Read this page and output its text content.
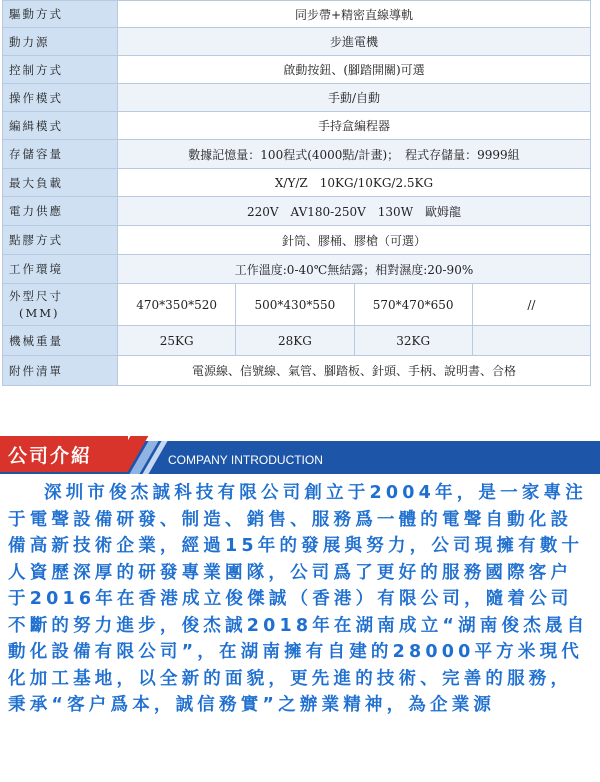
驅動方式	同步帶+精密直線導軌			
動力源	步進電機			
控制方式	啟動按鈕、(腳踏開關)可選			
操作模式	手動/自動			
編緝模式	手持盒編程器			
存儲容量	數據記憶量：100程式(4000點/計畫)；　程式存儲量：9999組			
最大負載	X/Y/Z　10KG/10KG/2.5KG			
電力供應	220V　AV180-250V　130W　歐姆龍			
點膠方式	針筒、膠桶、膠槍（可選）			
工作環境	工作溫度:0-40℃無結露；相對濕度:20-90%			
外型尺寸
(MM)	470*350*520	500*430*550	570*470*650	//
機械重量	25KG	28KG	32KG	
附件清單	電源線、信號線、氣管、腳踏板、針頭、手柄、說明書、合格			
公司介紹	COMPANY INTRODUCTION
深圳市俊杰誠科技有限公司創立于2004年，是一家專注于電聲設備研發、制造、銷售、服務爲一體的電聲自動化設備高新技術企業，經過15年的發展與努力，公司現擁有數十人資歷深厚的研發專業團隊，公司爲了更好的服務國際客户于2016年在香港成立俊傑誠（香港）有限公司，隨着公司不斷的努力進步，俊杰誠2018年在湖南成立“湖南俊杰晟自動化設備有限公司”，在湖南擁有自建的28000平方米現代化加工基地，以全新的面貌，更先進的技術、完善的服務，秉承“客户爲本，誠信務實”之辦業精神，為企業源
